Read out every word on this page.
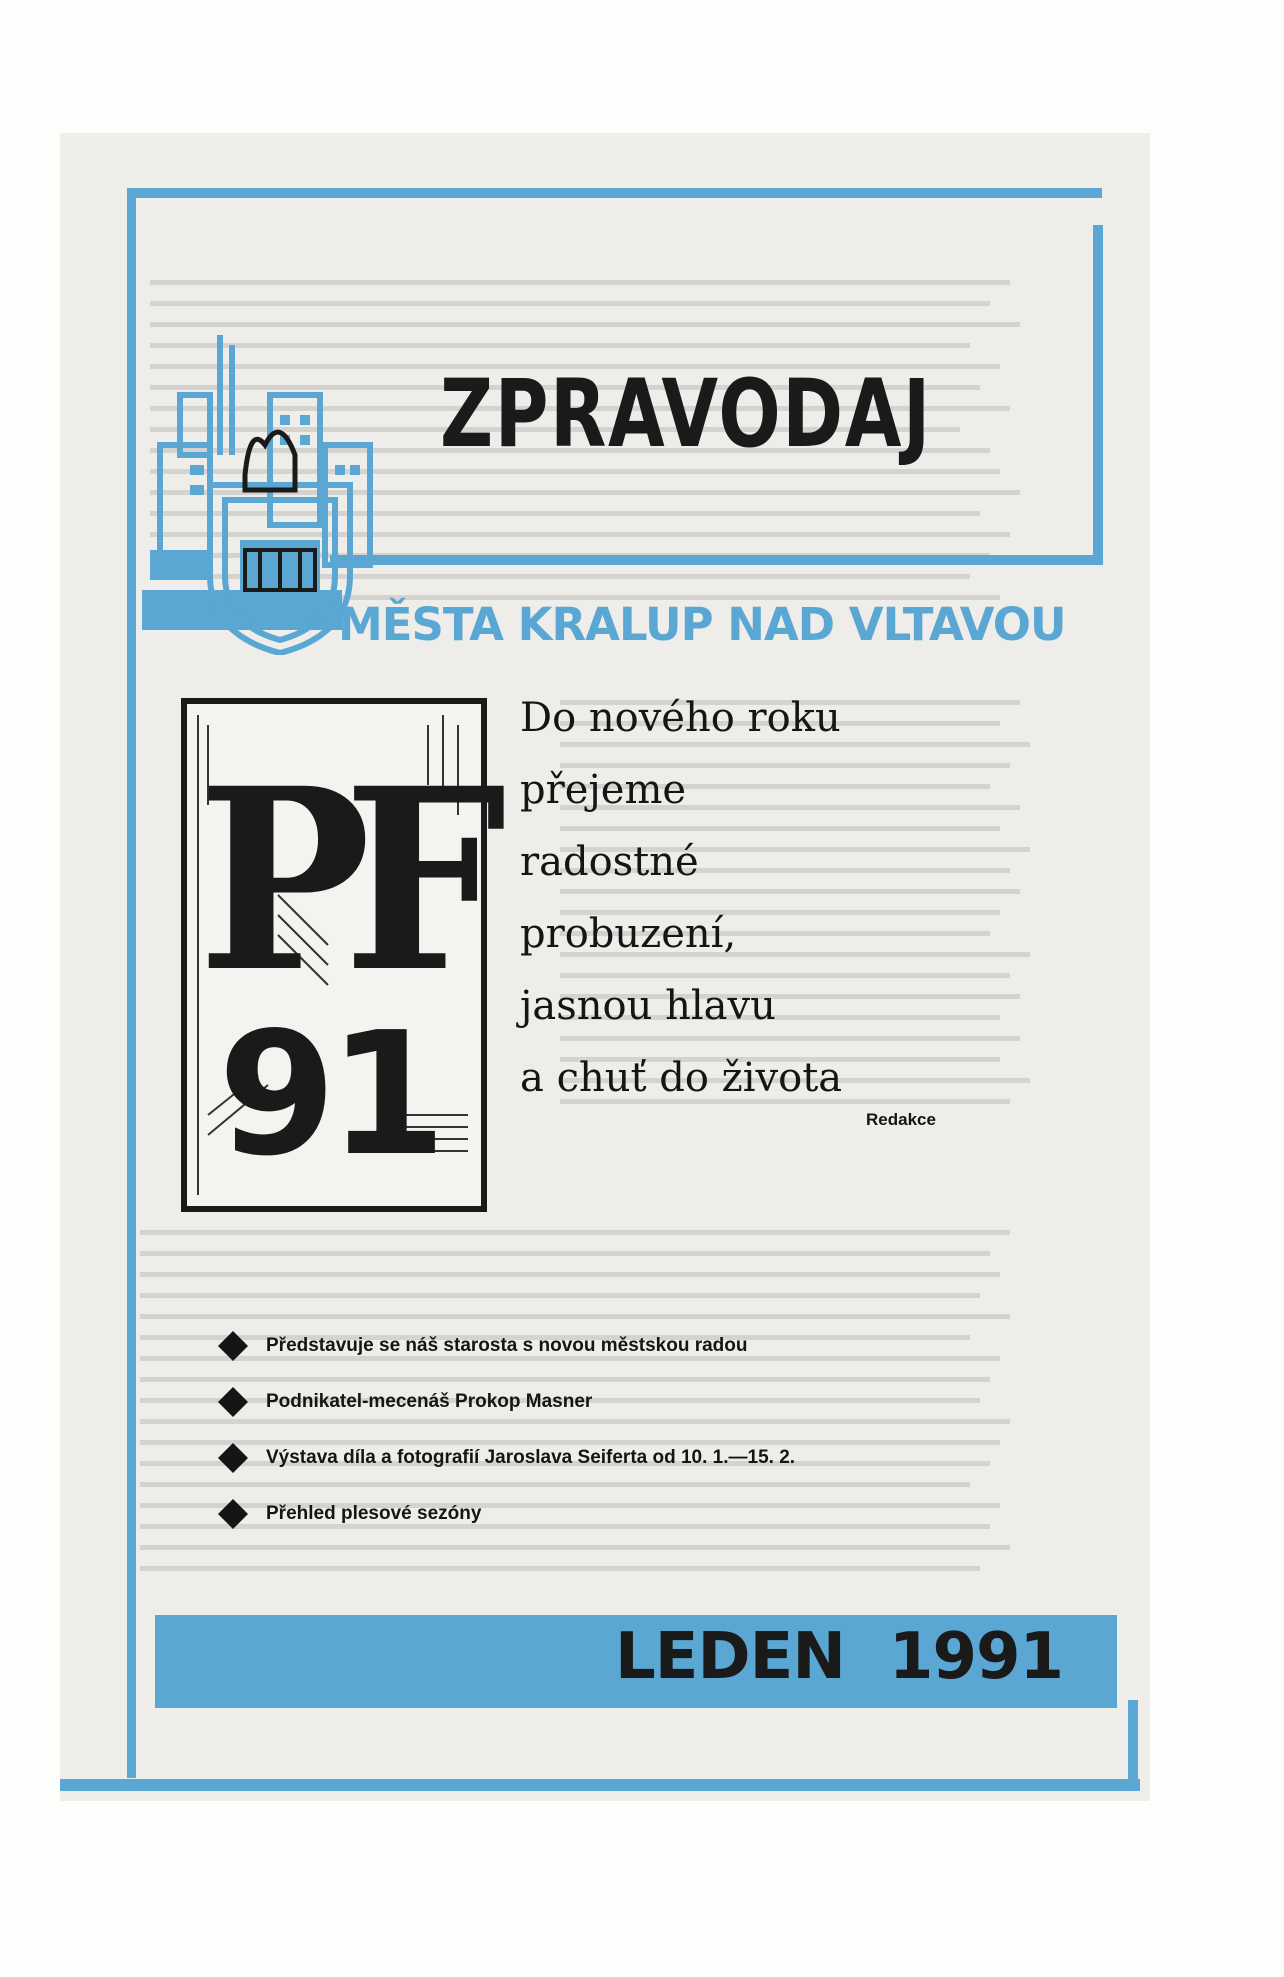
ZPRAVODAJ
MĚSTA KRALUP NAD VLTAVOU
PF
91
Do nového roku
přejeme
radostné
probuzení,
jasnou hlavu
a chuť do života
Redakce
Představuje se náš starosta s novou městskou radou
Podnikatel-mecenáš Prokop Masner
Výstava díla a fotografií Jaroslava Seiferta od 10. 1.—15. 2.
Přehled plesové sezóny
LEDEN 1991
